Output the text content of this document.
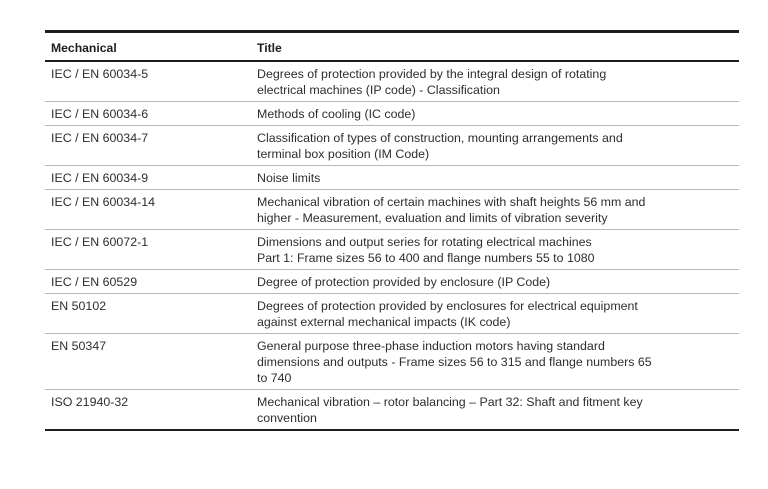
Mechanical	Title
IEC / EN 60034-5	Degrees of protection provided by the integral design of rotating
electrical machines (IP code) - Classification

IEC / EN 60034-6	Methods of cooling (IC code)

IEC / EN 60034-7	Classification of types of construction, mounting arrangements and
terminal box position (IM Code)

IEC / EN 60034-9	Noise limits

IEC / EN 60034-14	Mechanical vibration of certain machines with shaft heights 56 mm and
higher - Measurement, evaluation and limits of vibration severity

IEC / EN 60072-1	Dimensions and output series for rotating electrical machines
Part 1: Frame sizes 56 to 400 and flange numbers 55 to 1080

IEC / EN 60529	Degree of protection provided by enclosure (IP Code)

EN 50102	Degrees of protection provided by enclosures for electrical equipment
against external mechanical impacts (IK code)

EN 50347	General purpose three-phase induction motors having standard
dimensions and outputs - Frame sizes 56 to 315 and flange numbers 65
to 740

ISO 21940-32	Mechanical vibration – rotor balancing – Part 32: Shaft and fitment key
convention
